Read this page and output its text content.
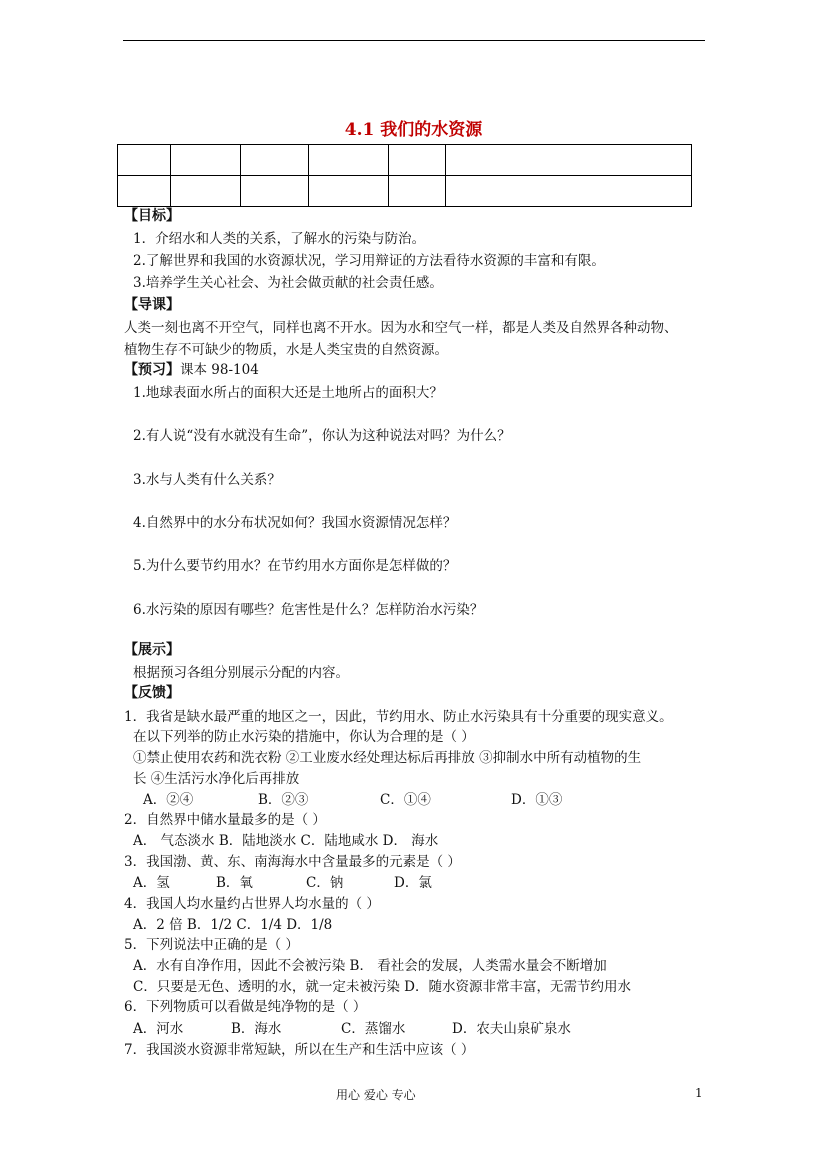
4.1 我们的水资源

【目标】
1．介绍水和人类的关系，了解水的污染与防治。
2.了解世界和我国的水资源状况，学习用辩证的方法看待水资源的丰富和有限。
3.培养学生关心社会、为社会做贡献的社会责任感。
【导课】
人类一刻也离不开空气，同样也离不开水。因为水和空气一样，都是人类及自然界各种动物、
植物生存不可缺少的物质，水是人类宝贵的自然资源。
【预习】课本 98-104
1.地球表面水所占的面积大还是土地所占的面积大？
2.有人说“没有水就没有生命”，你认为这种说法对吗？为什么？
3.水与人类有什么关系？
4.自然界中的水分布状况如何？我国水资源情况怎样？
5.为什么要节约用水？在节约用水方面你是怎样做的？
6.水污染的原因有哪些？危害性是什么？怎样防治水污染？
【展示】
根据预习各组分别展示分配的内容。
【反馈】
1．我省是缺水最严重的地区之一，因此，节约用水、防止水污染具有十分重要的现实意义。
在以下列举的防止水污染的措施中，你认为合理的是（ ）
①禁止使用农药和洗衣粉 ②工业废水经处理达标后再排放 ③抑制水中所有动植物的生
长 ④生活污水净化后再排放
A．②④	B．②③	C．①④	D．①③
2．自然界中储水量最多的是（ ）
A． 气态淡水 B．陆地淡水 C．陆地咸水 D． 海水
3．我国渤、黄、东、南海海水中含量最多的元素是（ ）
A．氢	B．氧	C．钠	D．氯
4．我国人均水量约占世界人均水量的（ ）
A．2 倍 B．1/2 C．1/4 D．1/8
5．下列说法中正确的是（ ）
A．水有自净作用，因此不会被污染 B． 看社会的发展，人类需水量会不断增加
C．只要是无色、透明的水，就一定未被污染 D．随水资源非常丰富，无需节约用水
6．下列物质可以看做是纯净物的是（ ）
A．河水	B．海水	C．蒸馏水	D．农夫山泉矿泉水
7．我国淡水资源非常短缺，所以在生产和生活中应该（ ）
用心 爱心 专心	1
